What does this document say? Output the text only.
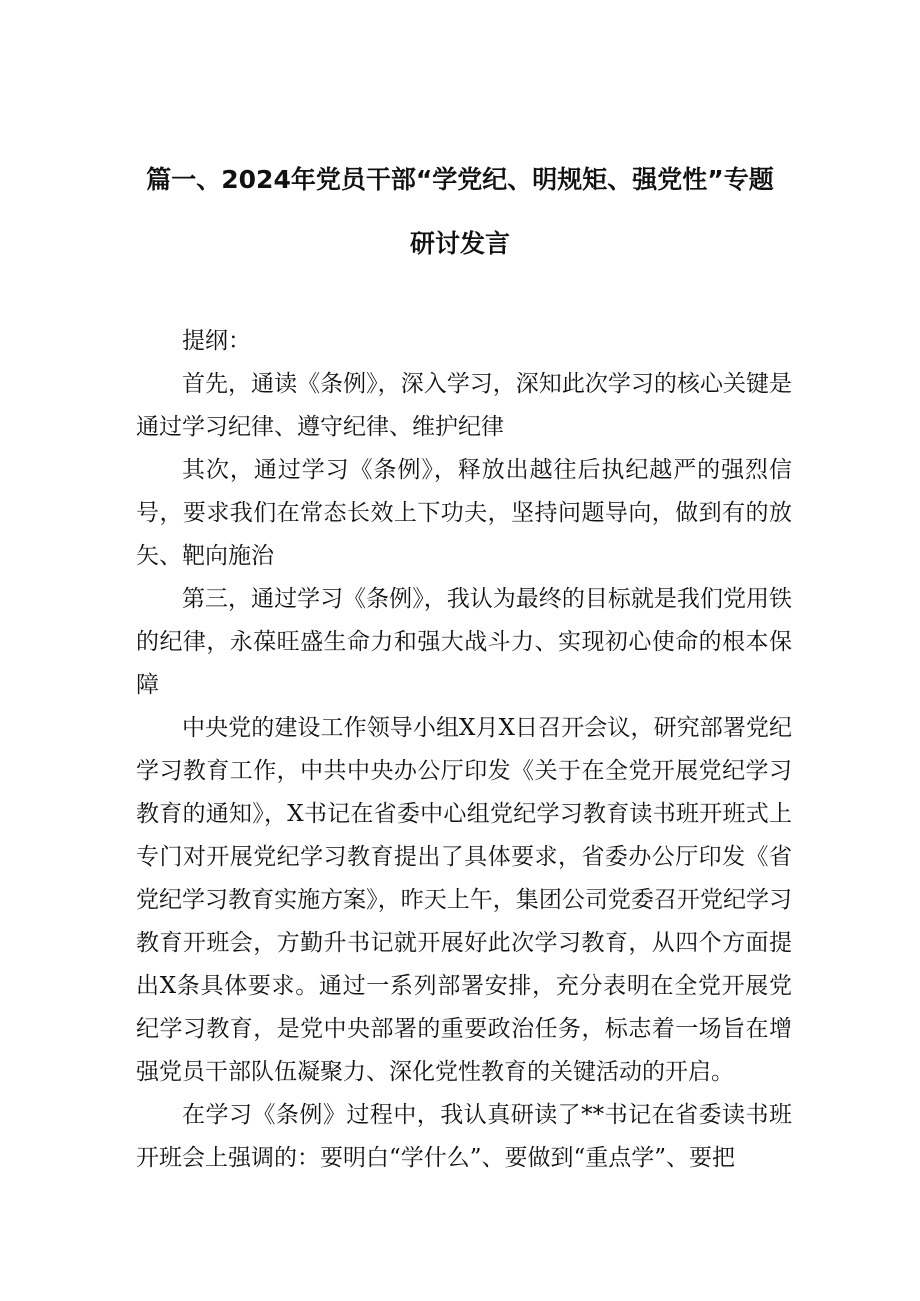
篇一、2024年党员干部“学党纪、明规矩、强党性”专题
研讨发言

提纲：

首先，通读《条例》，深入学习，深知此次学习的核心关键是通过学习纪律、遵守纪律、维护纪律

其次，通过学习《条例》，释放出越往后执纪越严的强烈信号，要求我们在常态长效上下功夫，坚持问题导向，做到有的放矢、靶向施治

第三，通过学习《条例》，我认为最终的目标就是我们党用铁的纪律，永葆旺盛生命力和强大战斗力、实现初心使命的根本保障

中央党的建设工作领导小组X月X日召开会议，研究部署党纪学习教育工作，中共中央办公厅印发《关于在全党开展党纪学习教育的通知》，X书记在省委中心组党纪学习教育读书班开班式上专门对开展党纪学习教育提出了具体要求，省委办公厅印发《省党纪学习教育实施方案》，昨天上午，集团公司党委召开党纪学习教育开班会，方勤升书记就开展好此次学习教育，从四个方面提出X条具体要求。通过一系列部署安排，充分表明在全党开展党纪学习教育，是党中央部署的重要政治任务，标志着一场旨在增强党员干部队伍凝聚力、深化党性教育的关键活动的开启。

在学习《条例》过程中，我认真研读了**书记在省委读书班开班会上强调的：要明白“学什么”、要做到“重点学”、要把
